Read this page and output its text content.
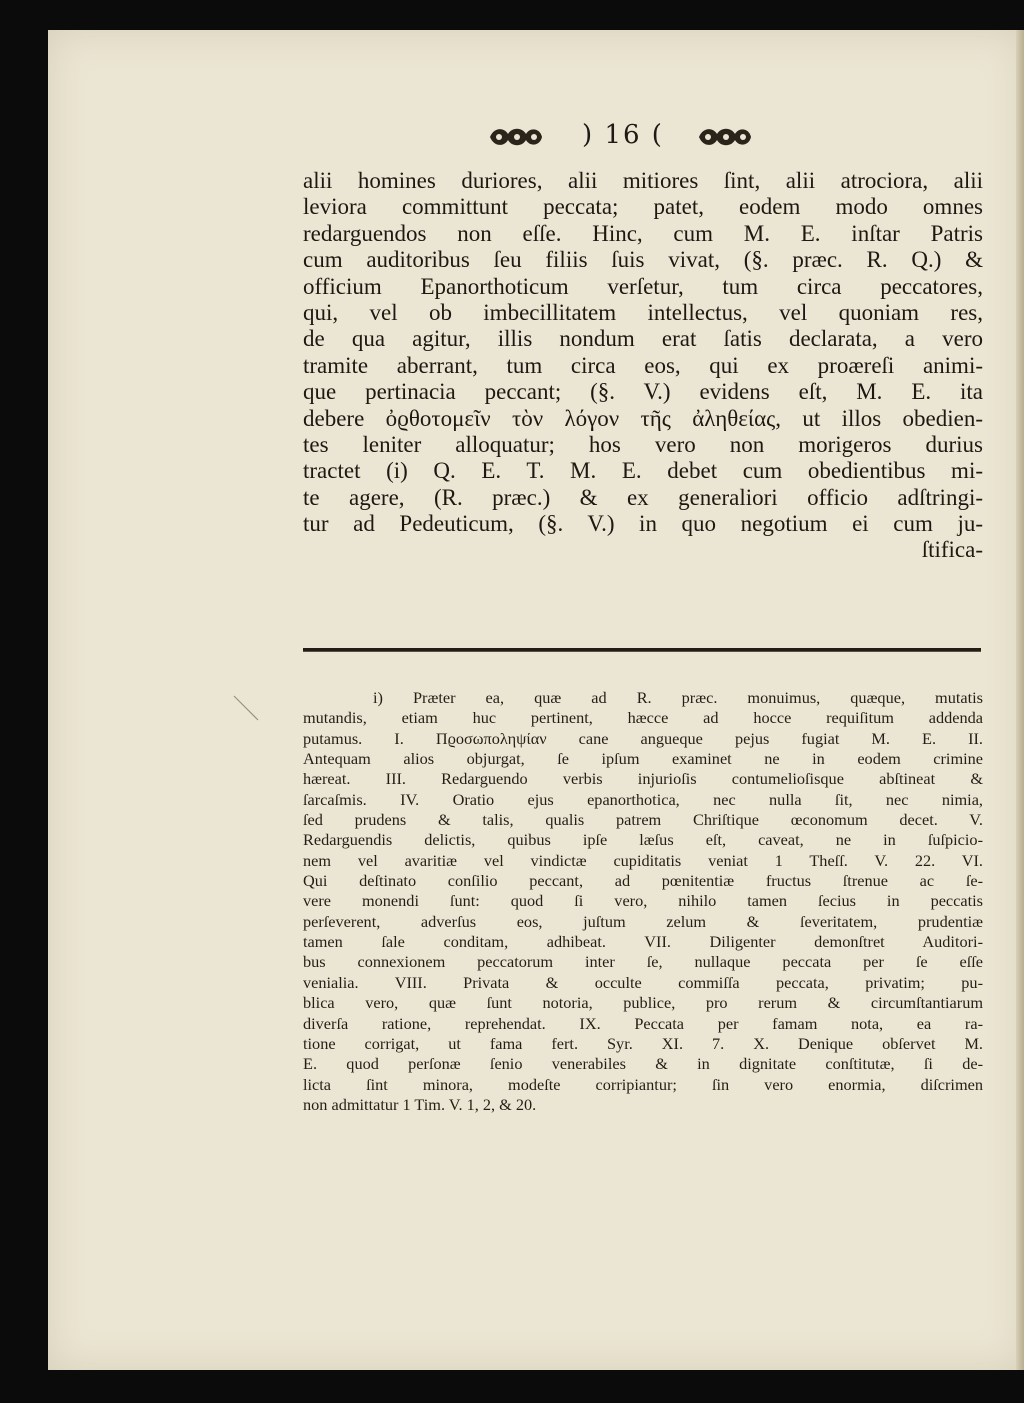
) 16 (
alii homines duriores, alii mitiores ſint, alii atrociora, alii
leviora committunt peccata; patet, eodem modo omnes
redarguendos non eſſe. Hinc, cum M. E. inſtar Patris
cum auditoribus ſeu filiis ſuis vivat, (§. præc. R. Q.) &
officium Epanorthoticum verſetur, tum circa peccatores,
qui, vel ob imbecillitatem intellectus, vel quoniam res,
de qua agitur, illis nondum erat ſatis declarata, a vero
tramite aberrant, tum circa eos, qui ex proæreſi animi-
que pertinacia peccant; (§. V.) evidens eſt, M. E. ita
debere ὀϱθοτομεῖν τὸν λόγον τῆς ἀληθείας, ut illos obedien-
tes leniter alloquatur; hos vero non morigeros durius
tractet (i) Q. E. T. M. E. debet cum obedientibus mi-
te agere, (R. præc.) & ex generaliori officio adſtringi-
tur ad Pedeuticum, (§. V.) in quo negotium ei cum ju-
ſtifica-
i) Præter ea, quæ ad R. præc. monuimus, quæque, mutatis
mutandis, etiam huc pertinent, hæcce ad hocce requiſitum addenda
putamus. I. Πϱοσωποληψίαν cane angueque pejus fugiat M. E. II.
Antequam alios objurgat, ſe ipſum examinet ne in eodem crimine
hæreat. III. Redarguendo verbis injurioſis contumelioſisque abſtineat &
ſarcaſmis. IV. Oratio ejus epanorthotica, nec nulla ſit, nec nimia,
ſed prudens & talis, qualis patrem Chriſtique œconomum decet. V.
Redarguendis delictis, quibus ipſe læſus eſt, caveat, ne in ſuſpicio-
nem vel avaritiæ vel vindictæ cupiditatis veniat 1 Theſſ. V. 22. VI.
Qui deſtinato conſilio peccant, ad pœnitentiæ fructus ſtrenue ac ſe-
vere monendi ſunt: quod ſi vero, nihilo tamen ſecius in peccatis
perſeverent, adverſus eos, juſtum zelum & ſeveritatem, prudentiæ
tamen ſale conditam, adhibeat. VII. Diligenter demonſtret Auditori-
bus connexionem peccatorum inter ſe, nullaque peccata per ſe eſſe
venialia. VIII. Privata & occulte commiſſa peccata, privatim; pu-
blica vero, quæ ſunt notoria, publice, pro rerum & circumſtantiarum
diverſa ratione, reprehendat. IX. Peccata per famam nota, ea ra-
tione corrigat, ut fama fert. Syr. XI. 7. X. Denique obſervet M.
E. quod perſonæ ſenio venerabiles & in dignitate conſtitutæ, ſi de-
licta ſint minora, modeſte corripiantur; ſin vero enormia, diſcrimen
non admittatur 1 Tim. V. 1, 2, & 20.
